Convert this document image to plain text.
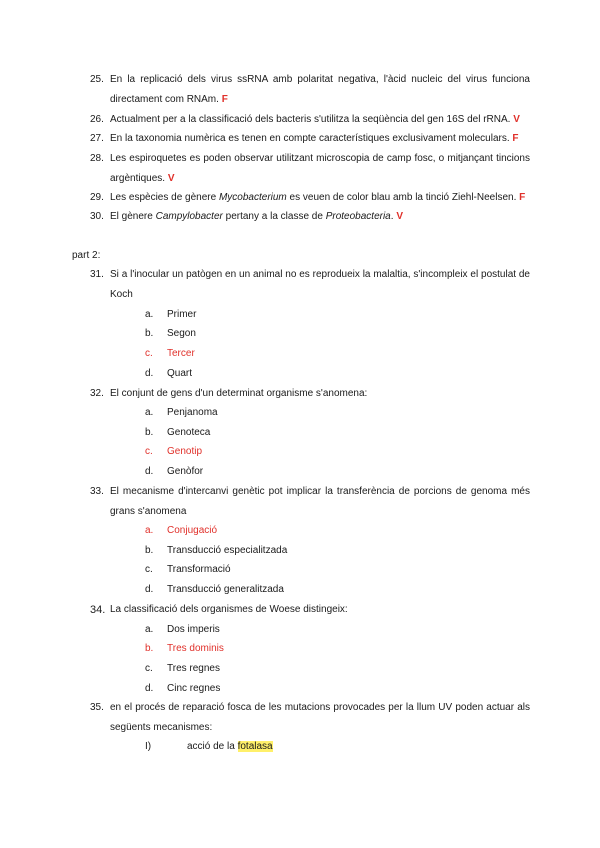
25. En la replicació dels virus ssRNA amb polaritat negativa, l'àcid nucleic del virus funciona directament com RNAm. F
26. Actualment per a la classificació dels bacteris s'utilitza la seqüència del gen 16S del rRNA. V
27. En la taxonomia numèrica es tenen en compte característiques exclusivament moleculars. F
28. Les espiroquetes es poden observar utilitzant microscopia de camp fosc, o mitjançant tincions argèntiques. V
29. Les espècies de gènere Mycobacterium es veuen de color blau amb la tinció Ziehl-Neelsen. F
30. El gènere Campylobacter pertany a la classe de Proteobacteria. V
part 2:
31. Si a l'inocular un patògen en un animal no es reprodueix la malaltia, s'incompleix el postulat de Koch
a. Primer
b. Segon
c. Tercer
d. Quart
32. El conjunt de gens d'un determinat organisme s'anomena:
a. Penjanoma
b. Genoteca
c. Genotip
d. Genòfor
33. El mecanisme d'intercanvi genètic pot implicar la transferència de porcions de genoma més grans s'anomena
a. Conjugació
b. Transducció especialitzada
c. Transformació
d. Transducció generalitzada
34. La classificació dels organismes de Woese distingeix:
a. Dos imperis
b. Tres dominis
c. Tres regnes
d. Cinc regnes
35. en el procés de reparació fosca de les mutacions provocades per la llum UV poden actuar als següents mecanismes:
I)	acció de la fotalasa
